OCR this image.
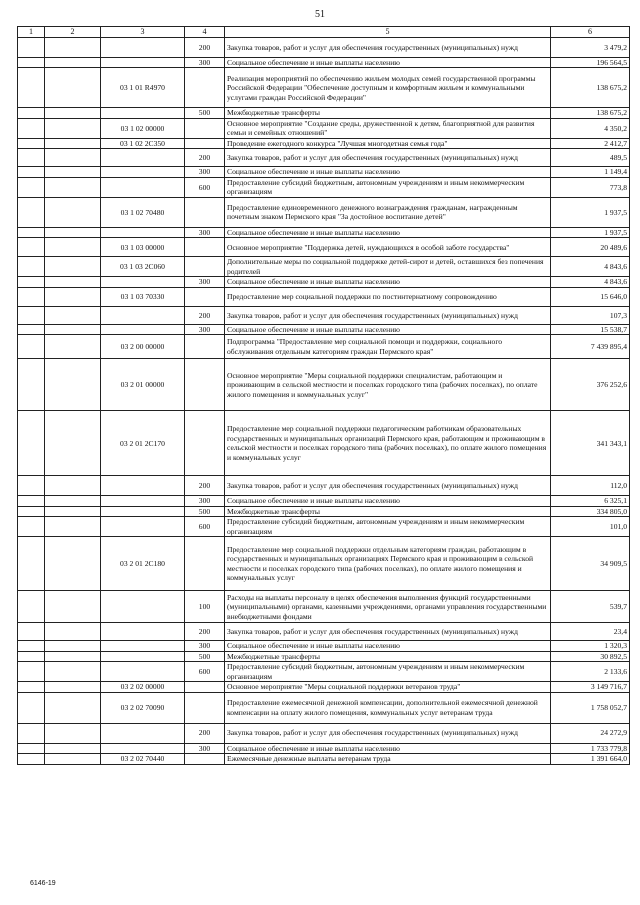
51
1	2	3	4	5	6
			200	Закупка товаров, работ и услуг для обеспечения государственных (муниципальных) нужд	3 479,2
			300	Социальное обеспечение и иные выплаты населению	196 564,5
		03 1 01 R4970		Реализация мероприятий по обеспечению жильем молодых семей государственной программы Российской Федерации "Обеспечение доступным и комфортным жильем и коммунальными услугами граждан Российской Федерации"	138 675,2
			500	Межбюджетные трансферты	138 675,2
		03 1 02 00000		Основное мероприятие "Создание среды, дружественной к детям, благоприятной для развития семьи и семейных отношений"	4 350,2
		03 1 02 2C350		Проведение ежегодного конкурса "Лучшая многодетная семья года"	2 412,7
			200	Закупка товаров, работ и услуг для обеспечения государственных (муниципальных) нужд	489,5
			300	Социальное обеспечение и иные выплаты населению	1 149,4
			600	Предоставление субсидий бюджетным, автономным учреждениям и иным некоммерческим организациям	773,8
		03 1 02 70480		Предоставление единовременного денежного вознаграждения гражданам, награжденным почетным знаком Пермского края "За достойное воспитание детей"	1 937,5
			300	Социальное обеспечение и иные выплаты населению	1 937,5
		03 1 03 00000		Основное мероприятие "Поддержка детей, нуждающихся в особой заботе государства"	20 489,6
		03 1 03 2C060		Дополнительные меры по социальной поддержке детей-сирот и детей, оставшихся без попечения родителей	4 843,6
			300	Социальное обеспечение и иные выплаты населению	4 843,6
		03 1 03 70330		Предоставление мер социальной поддержки по постинтернатному сопровождению	15 646,0
			200	Закупка товаров, работ и услуг для обеспечения государственных (муниципальных) нужд	107,3
			300	Социальное обеспечение и иные выплаты населению	15 538,7
		03 2 00 00000		Подпрограмма "Предоставление мер социальной помощи и поддержки, социального обслуживания отдельным категориям граждан Пермского края"	7 439 895,4
		03 2 01 00000		Основное мероприятие "Меры социальной поддержки специалистам, работающим и проживающим в сельской местности и поселках городского типа (рабочих поселках), по оплате жилого помещения и коммунальных услуг"	376 252,6
		03 2 01 2C170		Предоставление мер социальной поддержки педагогическим работникам образовательных государственных и муниципальных организаций Пермского края, работающим и проживающим в сельской местности и поселках городского типа (рабочих поселках), по оплате жилого помещения и коммунальных услуг	341 343,1
			200	Закупка товаров, работ и услуг для обеспечения государственных (муниципальных) нужд	112,0
			300	Социальное обеспечение и иные выплаты населению	6 325,1
			500	Межбюджетные трансферты	334 805,0
			600	Предоставление субсидий бюджетным, автономным учреждениям и иным некоммерческим организациям	101,0
		03 2 01 2C180		Предоставление мер социальной поддержки отдельным категориям граждан, работающим в государственных и муниципальных организациях Пермского края и проживающим в сельской местности и поселках городского типа (рабочих поселках), по оплате жилого помещения и коммунальных услуг	34 909,5
			100	Расходы на выплаты персоналу в целях обеспечения выполнения функций государственными (муниципальными) органами, казенными учреждениями, органами управления государственными внебюджетными фондами	539,7
			200	Закупка товаров, работ и услуг для обеспечения государственных (муниципальных) нужд	23,4
			300	Социальное обеспечение и иные выплаты населению	1 320,3
			500	Межбюджетные трансферты	30 892,5
			600	Предоставление субсидий бюджетным, автономным учреждениям и иным некоммерческим организациям	2 133,6
		03 2 02 00000		Основное мероприятие "Меры социальной поддержки ветеранов труда"	3 149 716,7
		03 2 02 70090		Предоставление ежемесячной денежной компенсации, дополнительной ежемесячной денежной компенсации на оплату жилого помещения, коммунальных услуг ветеранам труда	1 758 052,7
			200	Закупка товаров, работ и услуг для обеспечения государственных (муниципальных) нужд	24 272,9
			300	Социальное обеспечение и иные выплаты населению	1 733 779,8
		03 2 02 70440		Ежемесячные денежные выплаты ветеранам труда	1 391 664,0
6146-19
